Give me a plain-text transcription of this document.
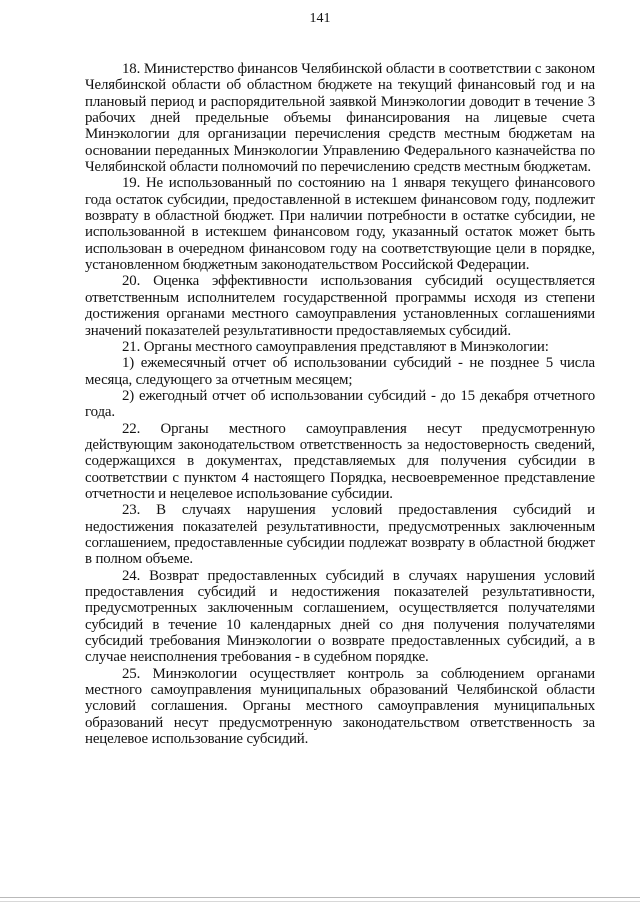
141

18. Министерство финансов Челябинской области в соответствии с законом Челябинской области об областном бюджете на текущий финансовый год и на плановый период и распорядительной заявкой Минэкологии доводит в течение 3 рабочих дней предельные объемы финансирования на лицевые счета Минэкологии для организации перечисления средств местным бюджетам на основании переданных Минэкологии Управлению Федерального казначейства по Челябинской области полномочий по перечислению средств местным бюджетам.

19. Не использованный по состоянию на 1 января текущего финансового года остаток субсидии, предоставленной в истекшем финансовом году, подлежит возврату в областной бюджет. При наличии потребности в остатке субсидии, не использованной в истекшем финансовом году, указанный остаток может быть использован в очередном финансовом году на соответствующие цели в порядке, установленном бюджетным законодательством Российской Федерации.

20. Оценка эффективности использования субсидий осуществляется ответственным исполнителем государственной программы исходя из степени достижения органами местного самоуправления установленных соглашениями значений показателей результативности предоставляемых субсидий.

21. Органы местного самоуправления представляют в Минэкологии:

1) ежемесячный отчет об использовании субсидий - не позднее 5 числа месяца, следующего за отчетным месяцем;

2) ежегодный отчет об использовании субсидий - до 15 декабря отчетного года.

22. Органы местного самоуправления несут предусмотренную действующим законодательством ответственность за недостоверность сведений, содержащихся в документах, представляемых для получения субсидии в соответствии с пунктом 4 настоящего Порядка, несвоевременное представление отчетности и нецелевое использование субсидии.

23. В случаях нарушения условий предоставления субсидий и недостижения показателей результативности, предусмотренных заключенным соглашением, предоставленные субсидии подлежат возврату в областной бюджет в полном объеме.

24. Возврат предоставленных субсидий в случаях нарушения условий предоставления субсидий и недостижения показателей результативности, предусмотренных заключенным соглашением, осуществляется получателями субсидий в течение 10 календарных дней со дня получения получателями субсидий требования Минэкологии о возврате предоставленных субсидий, а в случае неисполнения требования - в судебном порядке.

25. Минэкологии осуществляет контроль за соблюдением органами местного самоуправления муниципальных образований Челябинской области условий соглашения. Органы местного самоуправления муниципальных образований несут предусмотренную законодательством ответственность за нецелевое использование субсидий.
